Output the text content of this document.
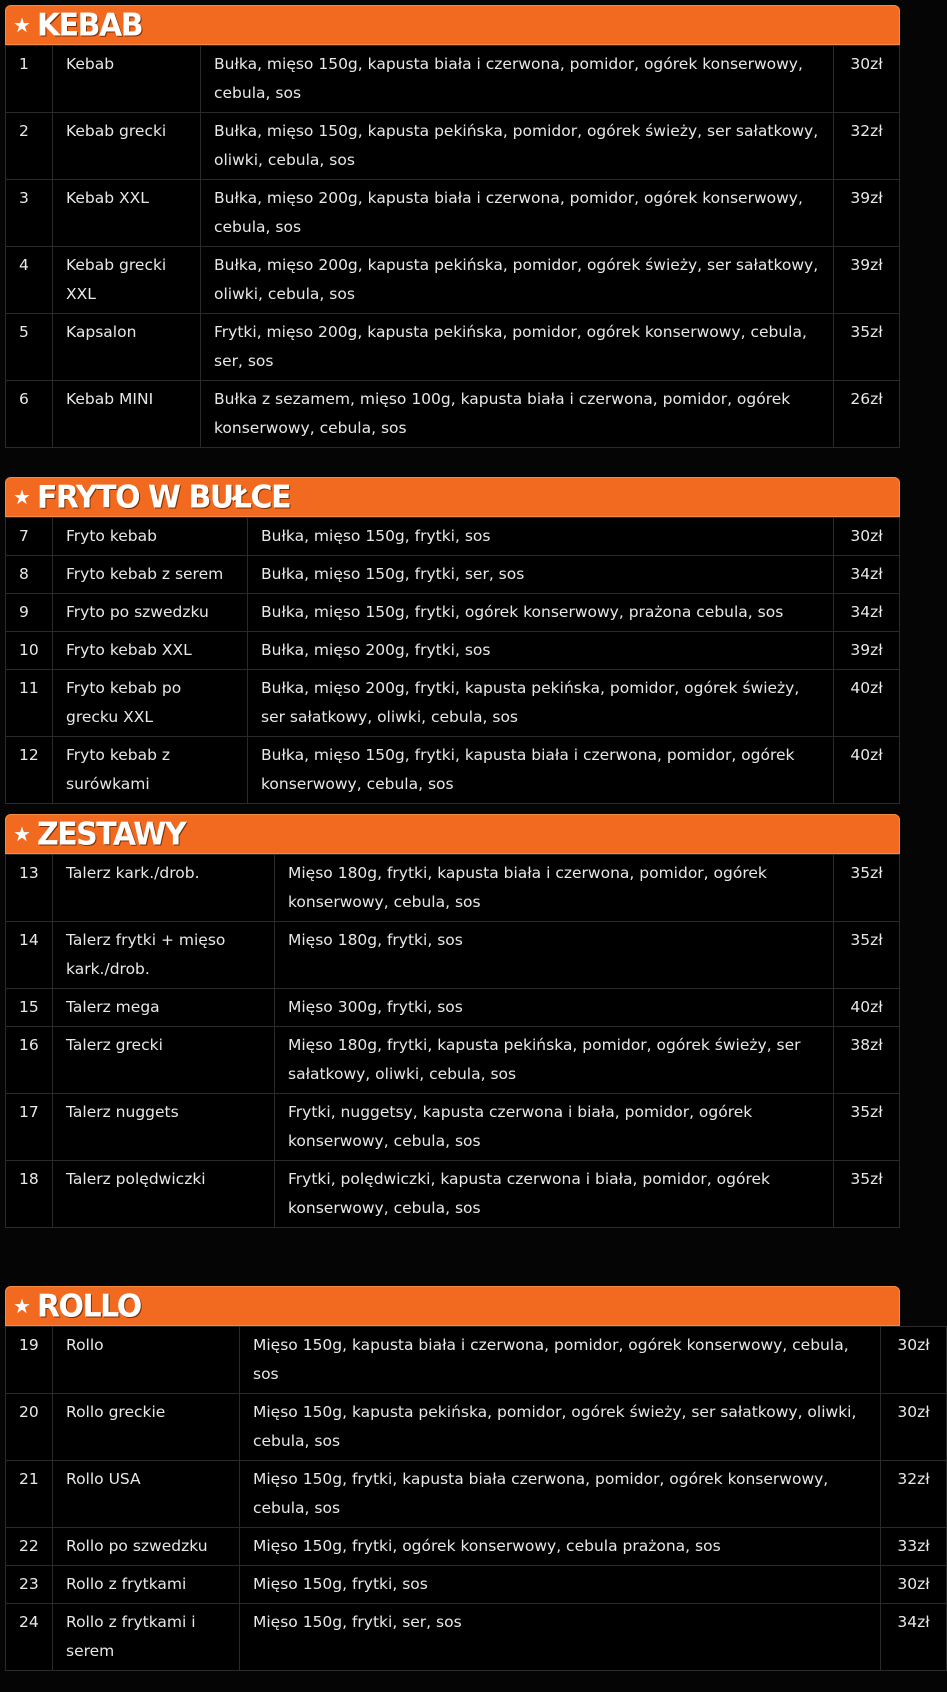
★ KEBAB
1	Kebab	Bułka, mięso 150g, kapusta biała i czerwona, pomidor, ogórek konserwowy, cebula, sos	30zł
2	Kebab grecki	Bułka, mięso 150g, kapusta pekińska, pomidor, ogórek świeży, ser sałatkowy, oliwki, cebula, sos	32zł
3	Kebab XXL	Bułka, mięso 200g, kapusta biała i czerwona, pomidor, ogórek konserwowy, cebula, sos	39zł
4	Kebab grecki XXL	Bułka, mięso 200g, kapusta pekińska, pomidor, ogórek świeży, ser sałatkowy, oliwki, cebula, sos	39zł
5	Kapsalon	Frytki, mięso 200g, kapusta pekińska, pomidor, ogórek konserwowy, cebula, ser, sos	35zł
6	Kebab MINI	Bułka z sezamem, mięso 100g, kapusta biała i czerwona, pomidor, ogórek konserwowy, cebula, sos	26zł
★ FRYTO W BUŁCE
7	Fryto kebab	Bułka, mięso 150g, frytki, sos	30zł
8	Fryto kebab z serem	Bułka, mięso 150g, frytki, ser, sos	34zł
9	Fryto po szwedzku	Bułka, mięso 150g, frytki, ogórek konserwowy, prażona cebula, sos	34zł
10	Fryto kebab XXL	Bułka, mięso 200g, frytki, sos	39zł
11	Fryto kebab po grecku XXL	Bułka, mięso 200g, frytki, kapusta pekińska, pomidor, ogórek świeży, ser sałatkowy, oliwki, cebula, sos	40zł
12	Fryto kebab z surówkami	Bułka, mięso 150g, frytki, kapusta biała i czerwona, pomidor, ogórek konserwowy, cebula, sos	40zł
★ ZESTAWY
13	Talerz kark./drob.	Mięso 180g, frytki, kapusta biała i czerwona, pomidor, ogórek konserwowy, cebula, sos	35zł
14	Talerz frytki + mięso kark./drob.	Mięso 180g, frytki, sos	35zł
15	Talerz mega	Mięso 300g, frytki, sos	40zł
16	Talerz grecki	Mięso 180g, frytki, kapusta pekińska, pomidor, ogórek świeży, ser sałatkowy, oliwki, cebula, sos	38zł
17	Talerz nuggets	Frytki, nuggetsy, kapusta czerwona i biała, pomidor, ogórek konserwowy, cebula, sos	35zł
18	Talerz polędwiczki	Frytki, polędwiczki, kapusta czerwona i biała, pomidor, ogórek konserwowy, cebula, sos	35zł
★ ROLLO
19	Rollo	Mięso 150g, kapusta biała i czerwona, pomidor, ogórek konserwowy, cebula, sos	30zł
20	Rollo greckie	Mięso 150g, kapusta pekińska, pomidor, ogórek świeży, ser sałatkowy, oliwki, cebula, sos	30zł
21	Rollo USA	Mięso 150g, frytki, kapusta biała czerwona, pomidor, ogórek konserwowy, cebula, sos	32zł
22	Rollo po szwedzku	Mięso 150g, frytki, ogórek konserwowy, cebula prażona, sos	33zł
23	Rollo z frytkami	Mięso 150g, frytki, sos	30zł
24	Rollo z frytkami i serem	Mięso 150g, frytki, ser, sos	34zł
